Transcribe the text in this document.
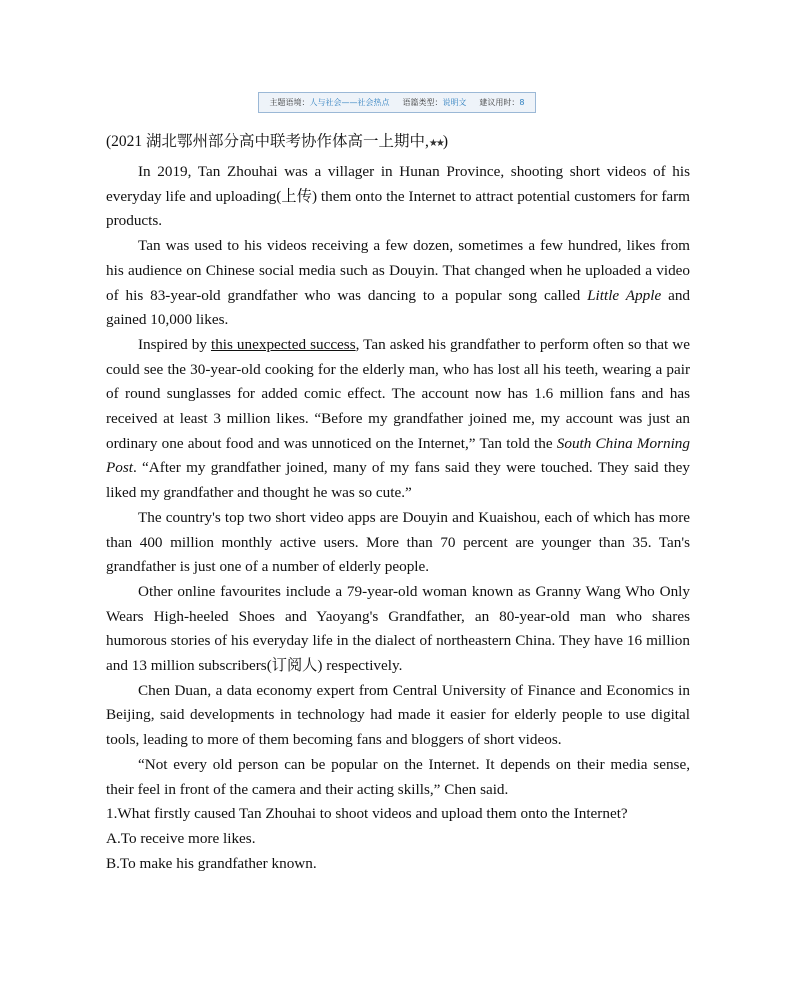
主题语境：人与社会——社会热点 语篇类型：说明文 建议用时：8
(2021 湖北鄂州部分高中联考协作体高一上期中,★★)

In 2019, Tan Zhouhai was a villager in Hunan Province, shooting short videos of his everyday life and uploading(上传) them onto the Internet to attract potential customers for farm products.

Tan was used to his videos receiving a few dozen, sometimes a few hundred, likes from his audience on Chinese social media such as Douyin. That changed when he uploaded a video of his 83-year-old grandfather who was dancing to a popular song called Little Apple and gained 10,000 likes.

Inspired by this unexpected success, Tan asked his grandfather to perform often so that we could see the 30-year-old cooking for the elderly man, who has lost all his teeth, wearing a pair of round sunglasses for added comic effect. The account now has 1.6 million fans and has received at least 3 million likes. “Before my grandfather joined me, my account was just an ordinary one about food and was unnoticed on the Internet,” Tan told the South China Morning Post. “After my grandfather joined, many of my fans said they were touched. They said they liked my grandfather and thought he was so cute.”

The country's top two short video apps are Douyin and Kuaishou, each of which has more than 400 million monthly active users. More than 70 percent are younger than 35. Tan's grandfather is just one of a number of elderly people.

Other online favourites include a 79-year-old woman known as Granny Wang Who Only Wears High-heeled Shoes and Yaoyang's Grandfather, an 80-year-old man who shares humorous stories of his everyday life in the dialect of northeastern China. They have 16 million and 13 million subscribers(订阅人) respectively.

Chen Duan, a data economy expert from Central University of Finance and Economics in Beijing, said developments in technology had made it easier for elderly people to use digital tools, leading to more of them becoming fans and bloggers of short videos.

“Not every old person can be popular on the Internet. It depends on their media sense, their feel in front of the camera and their acting skills,” Chen said.

1.What firstly caused Tan Zhouhai to shoot videos and upload them onto the Internet?
A.To receive more likes.
B.To make his grandfather known.
